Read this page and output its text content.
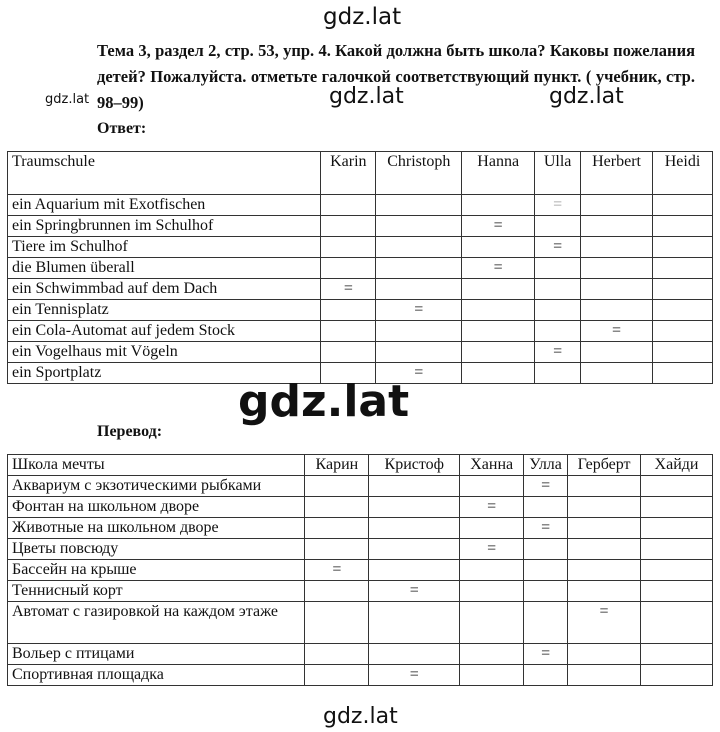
gdz.lat
gdz.lat	gdz.lat	gdz.lat
Тема 3, раздел 2, стр. 53, упр. 4. Какой должна быть школа? Каковы пожелания детей? Пожалуйста. отметьте галочкой соответствующий пункт. ( учебник, стр. 98–99)
Ответ:
Traumschule	Karin	Christoph	Hanna	Ulla	Herbert	Heidi
ein Aquarium mit Exotfischen				=		
ein Springbrunnen im Schulhof			=			
Tiere im Schulhof				=		
die Blumen überall			=			
ein Schwimmbad auf dem Dach	=					
ein Tennisplatz		=				
ein Cola-Automat auf jedem Stock					=	
ein Vogelhaus mit Vögeln				=		
ein Sportplatz		=				
gdz.lat
Перевод:
Школа мечты	Карин	Кристоф	Ханна	Улла	Герберт	Хайди
Аквариум с экзотическими рыбками				=		
Фонтан на школьном дворе			=			
Животные на школьном дворе				=		
Цветы повсюду			=			
Бассейн на крыше	=					
Теннисный корт		=				
Автомат с газировкой на каждом этаже					=	
Вольер с птицами				=		
Спортивная площадка		=				
gdz.lat
